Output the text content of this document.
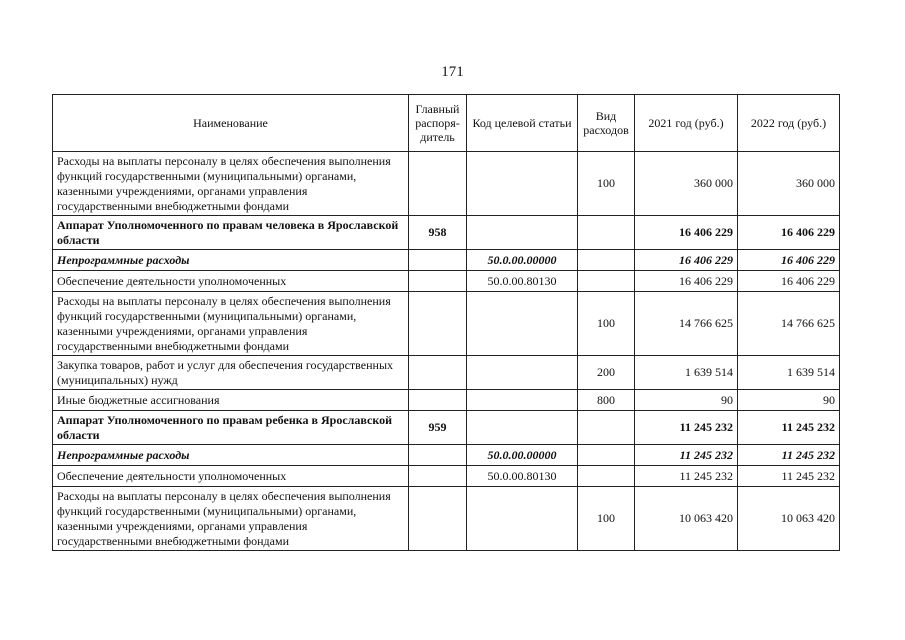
171
Наименование	Главный распоря-дитель	Код целевой статьи	Вид расходов	2021 год (руб.)	2022 год (руб.)
Расходы на выплаты персоналу в целях обеспечения выполнения функций государственными (муниципальными) органами, казенными учреждениями, органами управления государственными внебюджетными фондами			100	360 000	360 000
Аппарат Уполномоченного по правам человека в Ярославской области	958			16 406 229	16 406 229
Непрограммные расходы		50.0.00.00000		16 406 229	16 406 229
Обеспечение деятельности уполномоченных		50.0.00.80130		16 406 229	16 406 229
Расходы на выплаты персоналу в целях обеспечения выполнения функций государственными (муниципальными) органами, казенными учреждениями, органами управления государственными внебюджетными фондами			100	14 766 625	14 766 625
Закупка товаров, работ и услуг для обеспечения государственных (муниципальных) нужд			200	1 639 514	1 639 514
Иные бюджетные ассигнования			800	90	90
Аппарат Уполномоченного по правам ребенка в Ярославской области	959			11 245 232	11 245 232
Непрограммные расходы		50.0.00.00000		11 245 232	11 245 232
Обеспечение деятельности уполномоченных		50.0.00.80130		11 245 232	11 245 232
Расходы на выплаты персоналу в целях обеспечения выполнения функций государственными (муниципальными) органами, казенными учреждениями, органами управления государственными внебюджетными фондами			100	10 063 420	10 063 420
